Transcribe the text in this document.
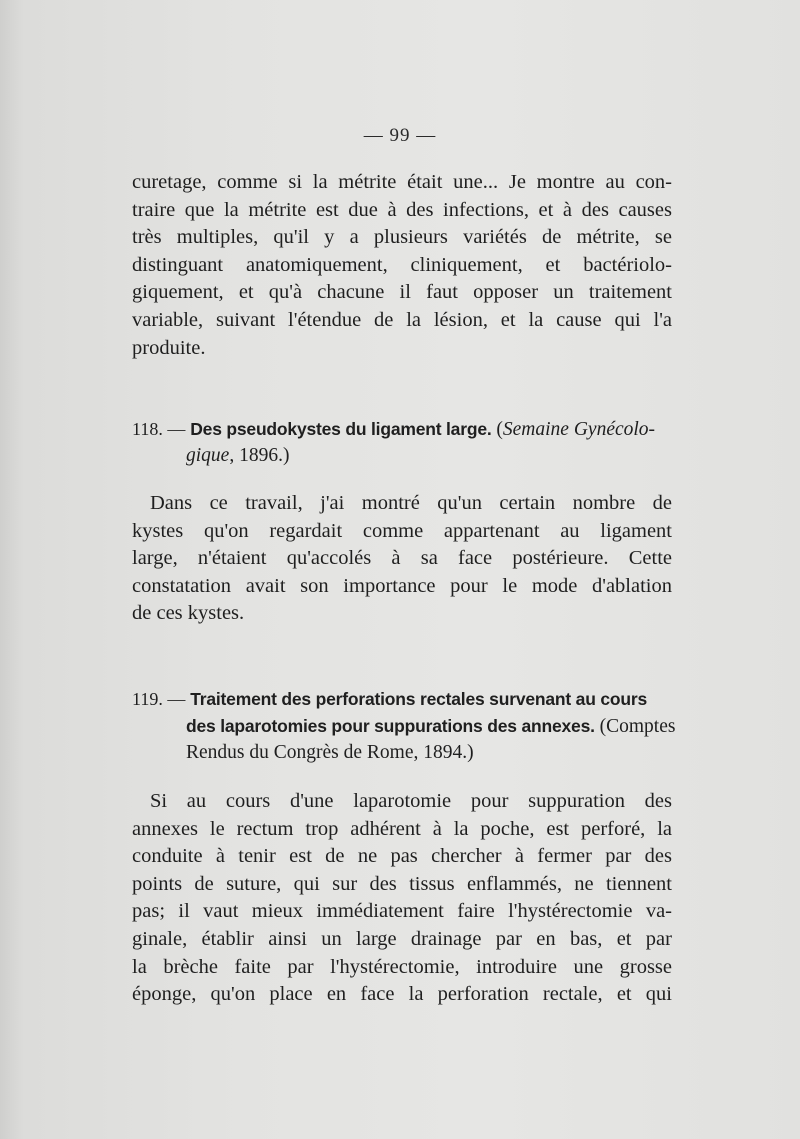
— 99 —
curetage, comme si la métrite était une... Je montre au con-
traire que la métrite est due à des infections, et à des causes
très multiples, qu'il y a plusieurs variétés de métrite, se
distinguant anatomiquement, cliniquement, et bactériolo-
giquement, et qu'à chacune il faut opposer un traitement
variable, suivant l'étendue de la lésion, et la cause qui l'a
produite.
118. — Des pseudokystes du ligament large. (Semaine Gynécolo-
gique, 1896.)
Dans ce travail, j'ai montré qu'un certain nombre de
kystes qu'on regardait comme appartenant au ligament
large, n'étaient qu'accolés à sa face postérieure. Cette
constatation avait son importance pour le mode d'ablation
de ces kystes.
119. — Traitement des perforations rectales survenant au cours
des laparotomies pour suppurations des annexes. (Comptes
Rendus du Congrès de Rome, 1894.)
Si au cours d'une laparotomie pour suppuration des
annexes le rectum trop adhérent à la poche, est perforé, la
conduite à tenir est de ne pas chercher à fermer par des
points de suture, qui sur des tissus enflammés, ne tiennent
pas; il vaut mieux immédiatement faire l'hystérectomie va-
ginale, établir ainsi un large drainage par en bas, et par
la brèche faite par l'hystérectomie, introduire une grosse
éponge, qu'on place en face la perforation rectale, et qui
